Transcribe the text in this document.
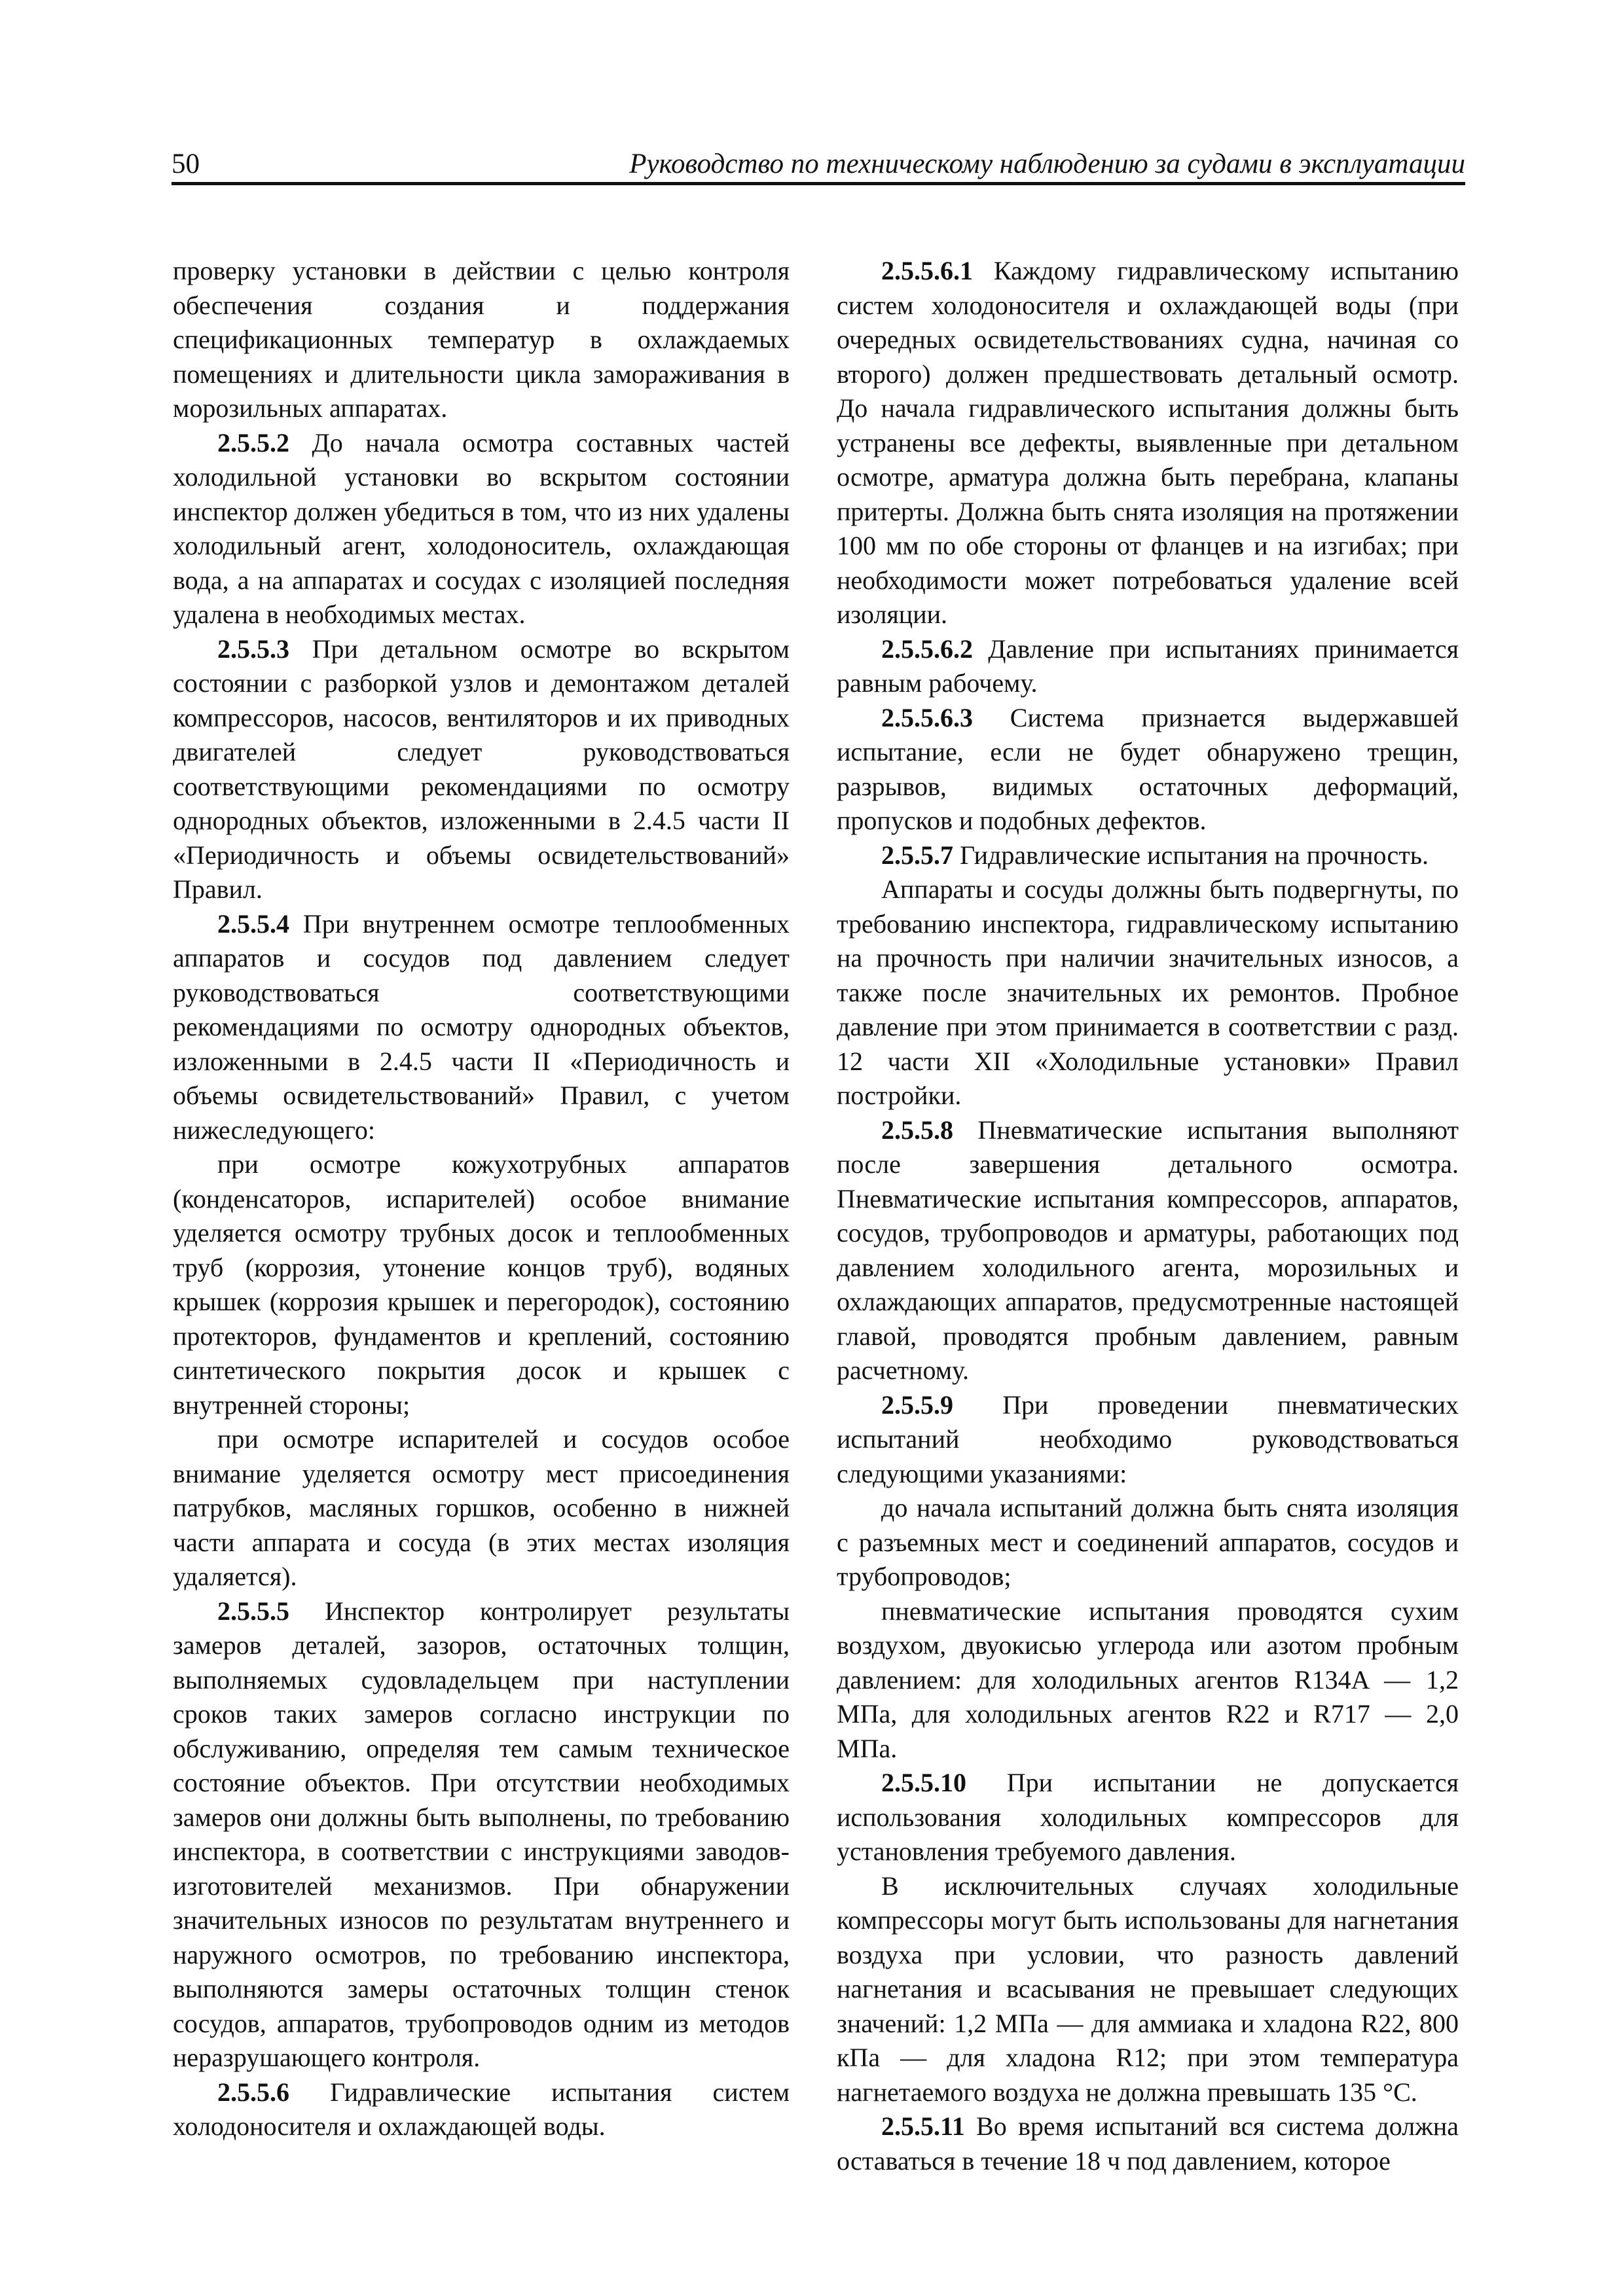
50	Руководство по техническому наблюдению за судами в эксплуатации

проверку установки в действии с целью контроля обеспечения создания и поддержания спецификационных температур в охлаждаемых помещениях и длительности цикла замораживания в морозильных аппаратах.

2.5.5.2 До начала осмотра составных частей холодильной установки во вскрытом состоянии инспектор должен убедиться в том, что из них удалены холодильный агент, холодоноситель, охлаждающая вода, а на аппаратах и сосудах с изоляцией последняя удалена в необходимых местах.

2.5.5.3 При детальном осмотре во вскрытом состоянии с разборкой узлов и демонтажом деталей компрессоров, насосов, вентиляторов и их приводных двигателей следует руководствоваться соответствующими рекомендациями по осмотру однородных объектов, изложенными в 2.4.5 части II «Периодичность и объемы освидетельствований» Правил.

2.5.5.4 При внутреннем осмотре теплообменных аппаратов и сосудов под давлением следует руководствоваться соответствующими рекомендациями по осмотру однородных объектов, изложенными в 2.4.5 части II «Периодичность и объемы освидетельствований» Правил, с учетом нижеследующего:

при осмотре кожухотрубных аппаратов (конденсаторов, испарителей) особое внимание уделяется осмотру трубных досок и теплообменных труб (коррозия, утонение концов труб), водяных крышек (коррозия крышек и перегородок), состоянию протекторов, фундаментов и креплений, состоянию синтетического покрытия досок и крышек с внутренней стороны;

при осмотре испарителей и сосудов особое внимание уделяется осмотру мест присоединения патрубков, масляных горшков, особенно в нижней части аппарата и сосуда (в этих местах изоляция удаляется).

2.5.5.5 Инспектор контролирует результаты замеров деталей, зазоров, остаточных толщин, выполняемых судовладельцем при наступлении сроков таких замеров согласно инструкции по обслуживанию, определяя тем самым техническое состояние объектов. При отсутствии необходимых замеров они должны быть выполнены, по требованию инспектора, в соответствии с инструкциями заводов-изготовителей механизмов. При обнаружении значительных износов по результатам внутреннего и наружного осмотров, по требованию инспектора, выполняются замеры остаточных толщин стенок сосудов, аппаратов, трубопроводов одним из методов неразрушающего контроля.

2.5.5.6 Гидравлические испытания систем холодоносителя и охлаждающей воды.

2.5.5.6.1 Каждому гидравлическому испытанию систем холодоносителя и охлаждающей воды (при очередных освидетельствованиях судна, начиная со второго) должен предшествовать детальный осмотр. До начала гидравлического испытания должны быть устранены все дефекты, выявленные при детальном осмотре, арматура должна быть перебрана, клапаны притерты. Должна быть снята изоляция на протяжении 100 мм по обе стороны от фланцев и на изгибах; при необходимости может потребоваться удаление всей изоляции.

2.5.5.6.2 Давление при испытаниях принимается равным рабочему.

2.5.5.6.3 Система признается выдержавшей испытание, если не будет обнаружено трещин, разрывов, видимых остаточных деформаций, пропусков и подобных дефектов.

2.5.5.7 Гидравлические испытания на прочность.

Аппараты и сосуды должны быть подвергнуты, по требованию инспектора, гидравлическому испытанию на прочность при наличии значительных износов, а также после значительных их ремонтов. Пробное давление при этом принимается в соответствии с разд. 12 части XII «Холодильные установки» Правил постройки.

2.5.5.8 Пневматические испытания выполняют после завершения детального осмотра. Пневматические испытания компрессоров, аппаратов, сосудов, трубопроводов и арматуры, работающих под давлением холодильного агента, морозильных и охлаждающих аппаратов, предусмотренные настоящей главой, проводятся пробным давлением, равным расчетному.

2.5.5.9 При проведении пневматических испытаний необходимо руководствоваться следующими указаниями:

до начала испытаний должна быть снята изоляция с разъемных мест и соединений аппаратов, сосудов и трубопроводов;

пневматические испытания проводятся сухим воздухом, двуокисью углерода или азотом пробным давлением: для холодильных агентов R134A — 1,2 МПа, для холодильных агентов R22 и R717 — 2,0 МПа.

2.5.5.10 При испытании не допускается использования холодильных компрессоров для установления требуемого давления.

В исключительных случаях холодильные компрессоры могут быть использованы для нагнетания воздуха при условии, что разность давлений нагнетания и всасывания не превышает следующих значений: 1,2 МПа — для аммиака и хладона R22, 800 кПа — для хладона R12; при этом температура нагнетаемого воздуха не должна превышать 135 °С.

2.5.5.11 Во время испытаний вся система должна оставаться в течение 18 ч под давлением, которое
